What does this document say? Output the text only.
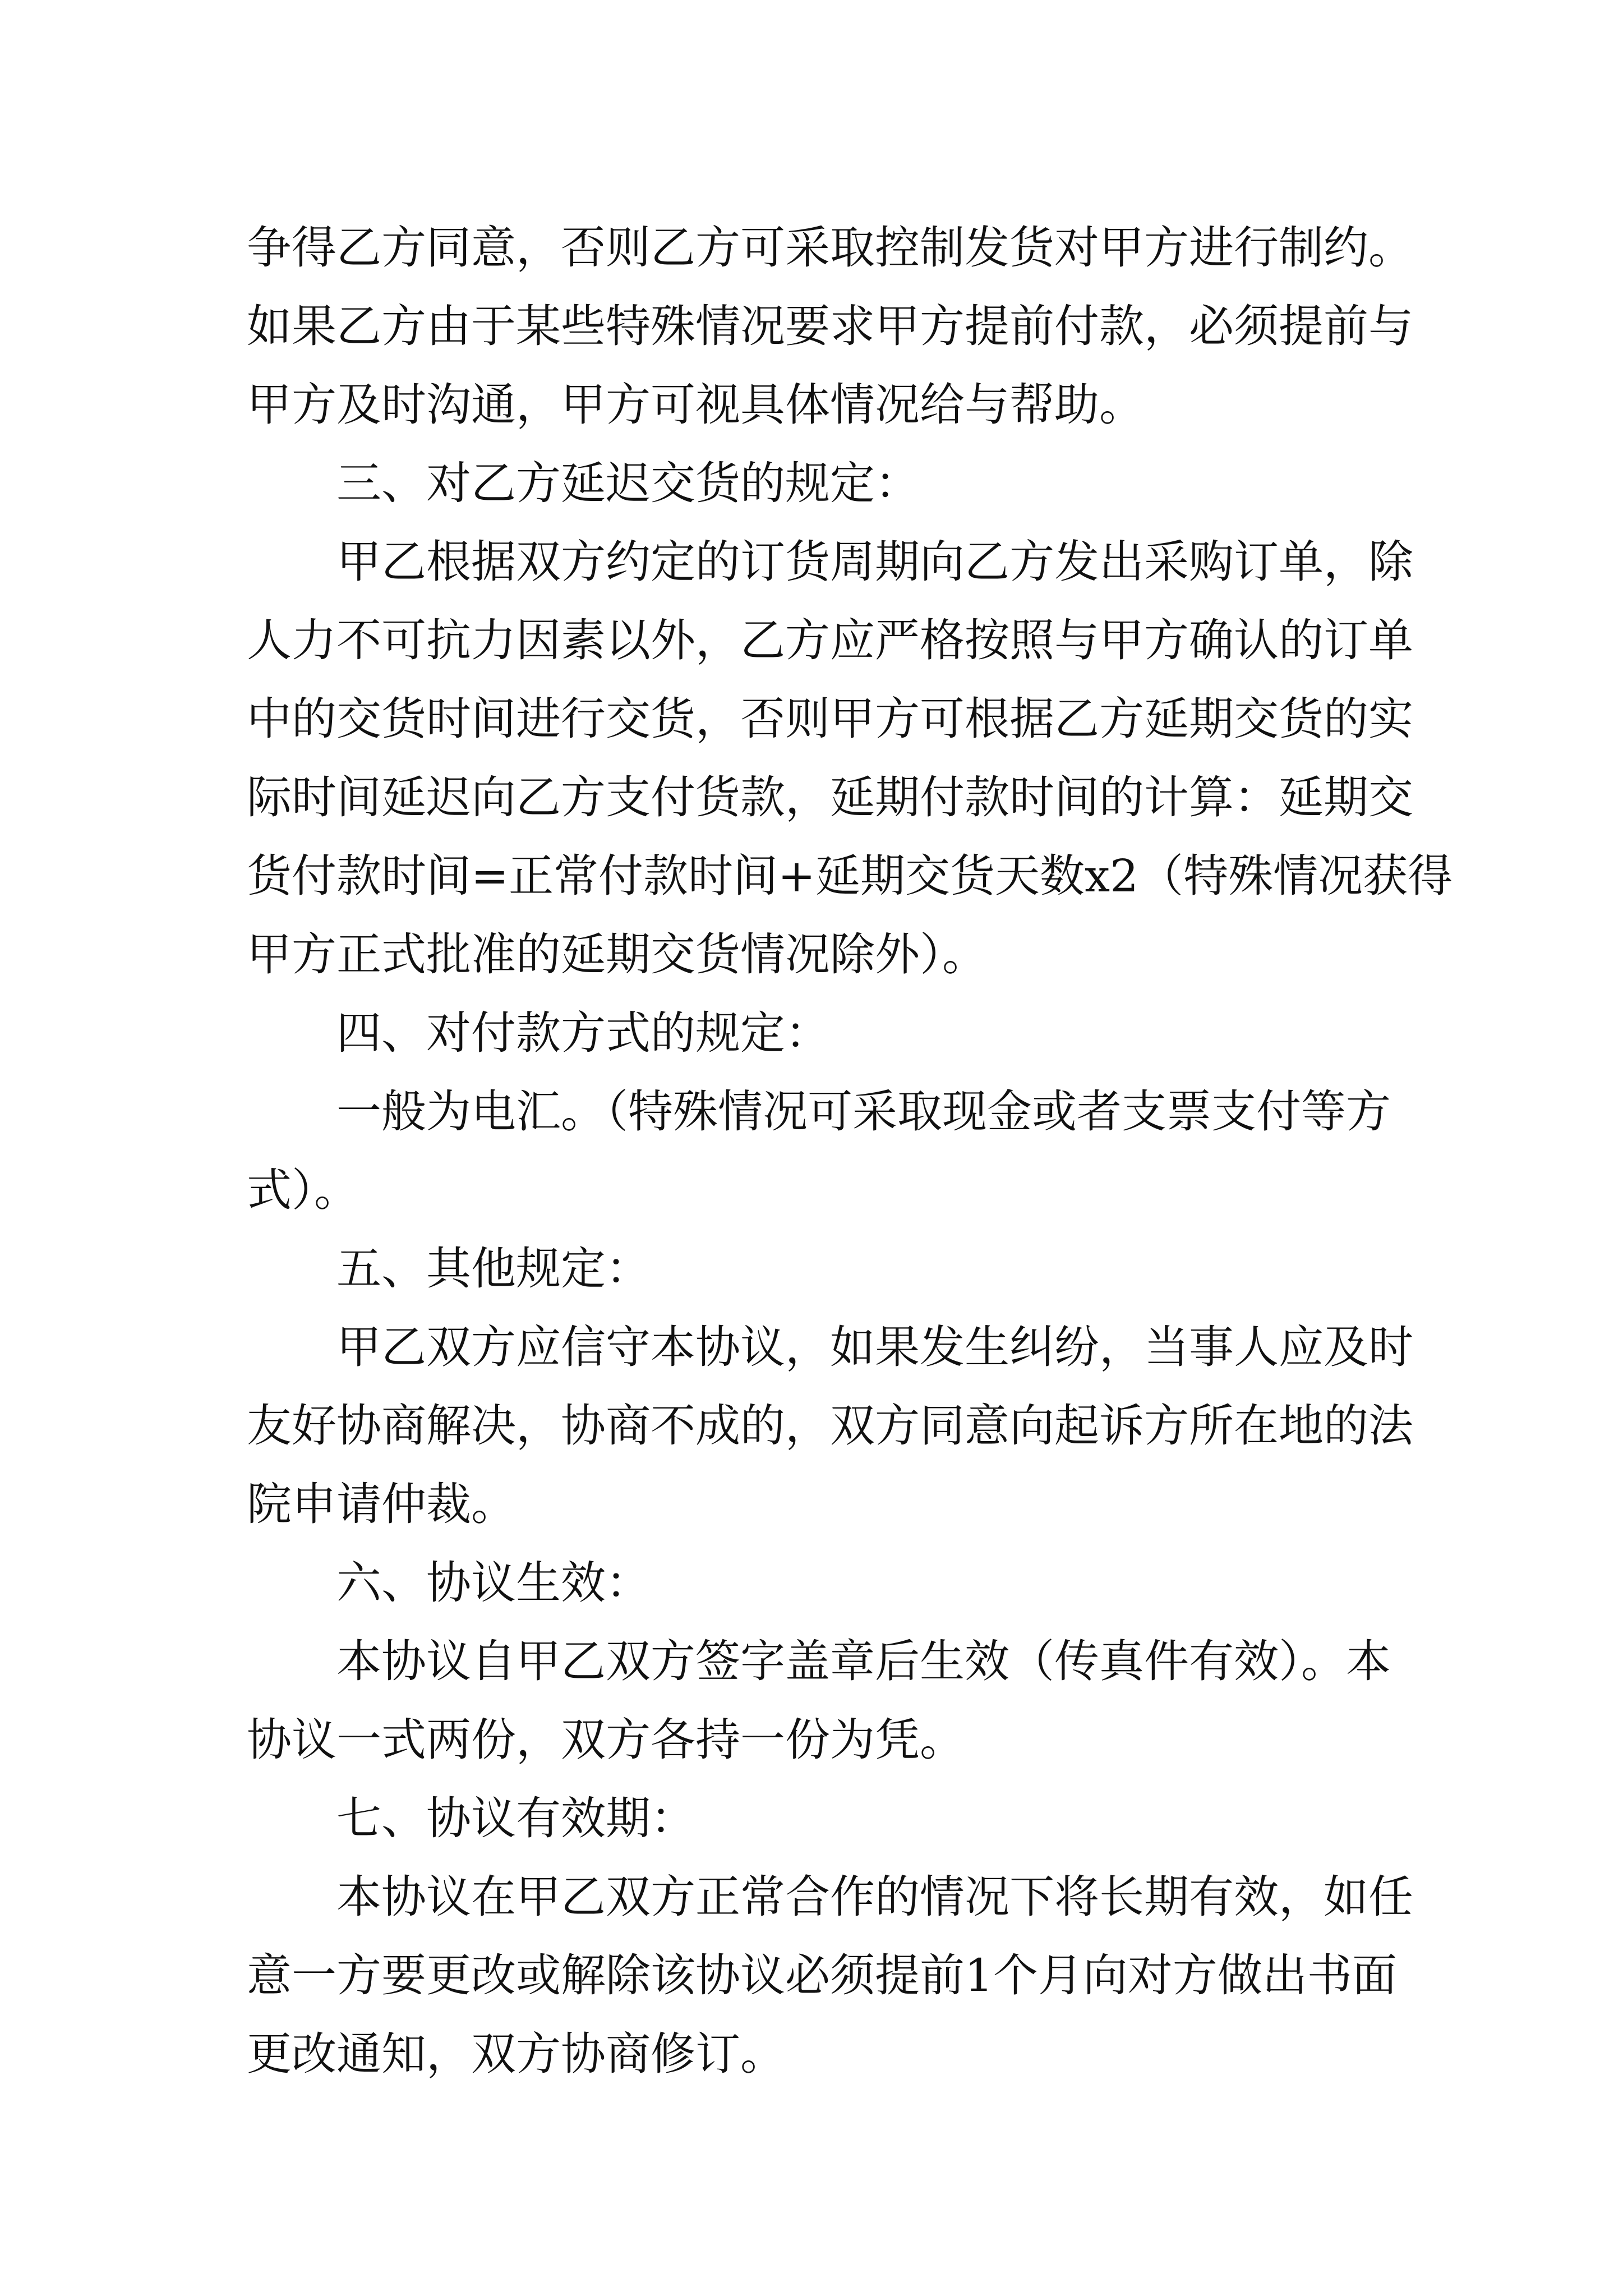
争得乙方同意，否则乙方可采取控制发货对甲方进行制约。
如果乙方由于某些特殊情况要求甲方提前付款，必须提前与
甲方及时沟通，甲方可视具体情况给与帮助。
三、对乙方延迟交货的规定：
甲乙根据双方约定的订货周期向乙方发出采购订单，除
人力不可抗力因素以外，乙方应严格按照与甲方确认的订单
中的交货时间进行交货，否则甲方可根据乙方延期交货的实
际时间延迟向乙方支付货款，延期付款时间的计算：延期交
货付款时间=正常付款时间+延期交货天数x2（特殊情况获得
甲方正式批准的延期交货情况除外）。
四、对付款方式的规定：
一般为电汇。（特殊情况可采取现金或者支票支付等方
式）。
五、其他规定：
甲乙双方应信守本协议，如果发生纠纷，当事人应及时
友好协商解决，协商不成的，双方同意向起诉方所在地的法
院申请仲裁。
六、协议生效：
本协议自甲乙双方签字盖章后生效（传真件有效）。本
协议一式两份，双方各持一份为凭。
七、协议有效期：
本协议在甲乙双方正常合作的情况下将长期有效，如任
意一方要更改或解除该协议必须提前1个月向对方做出书面
更改通知，双方协商修订。
